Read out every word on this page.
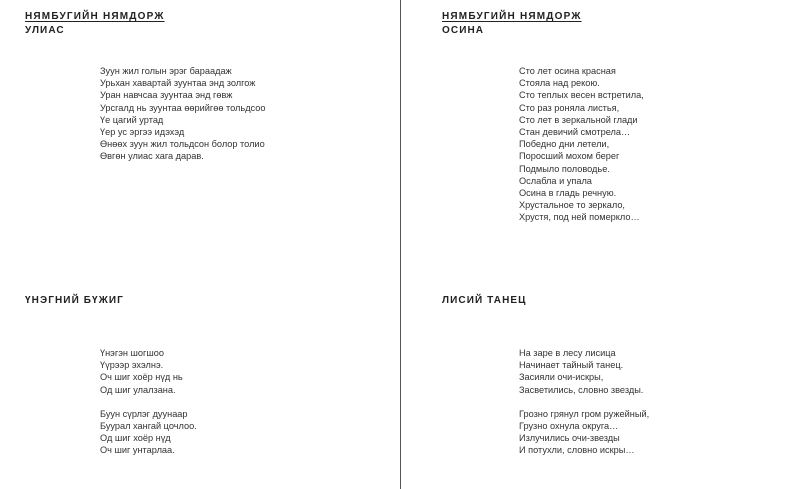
НЯМБУГИЙН НЯМДОРЖ
УЛИАС
Зуун жил голын эрэг бараадаж
Урьхан хавартай зуунтаа энд золгож
Уран навчсаа зуунтаа энд гөвж
Урсгалд нь зуунтаа өөрийгөө тольдсоо
Үе цагий уртад
Үер ус эргээ идэхэд
Өнөөх зуун жил тольдсон болор толио
Өвгөн улиас хага дарав.
ҮНЭГНИЙ БҮЖИГ
Үнэгэн шогшоо
Үүрээр эхэлнэ.
Оч шиг хоёр нүд нь
Од шиг улалзана.
Буун сүрлэг дуунаар
Буурал хангай цочлоо.
Од шиг хоёр нүд
Оч шиг унтарлаа.
НЯМБУГИЙН НЯМДОРЖ
ОСИНА
Сто лет осина красная
Стояла над рекою.
Сто теплых весен встретила,
Сто раз роняла листья,
Сто лет в зеркальной глади
Стан девичий смотрела…
Победно дни летели,
Поросший мохом берег
Подмыло половодье.
Ослабла и упала
Осина в гладь речную.
Хрустальное то зеркало,
Хрустя, под ней померкло…
ЛИСИЙ ТАНЕЦ
На заре в лесу лисица
Начинает тайный танец.
Засияли очи-искры,
Засветились, словно звезды.
Грозно грянул гром ружейный,
Грузно охнула округа…
Излучились очи-звезды
И потухли, словно искры…
